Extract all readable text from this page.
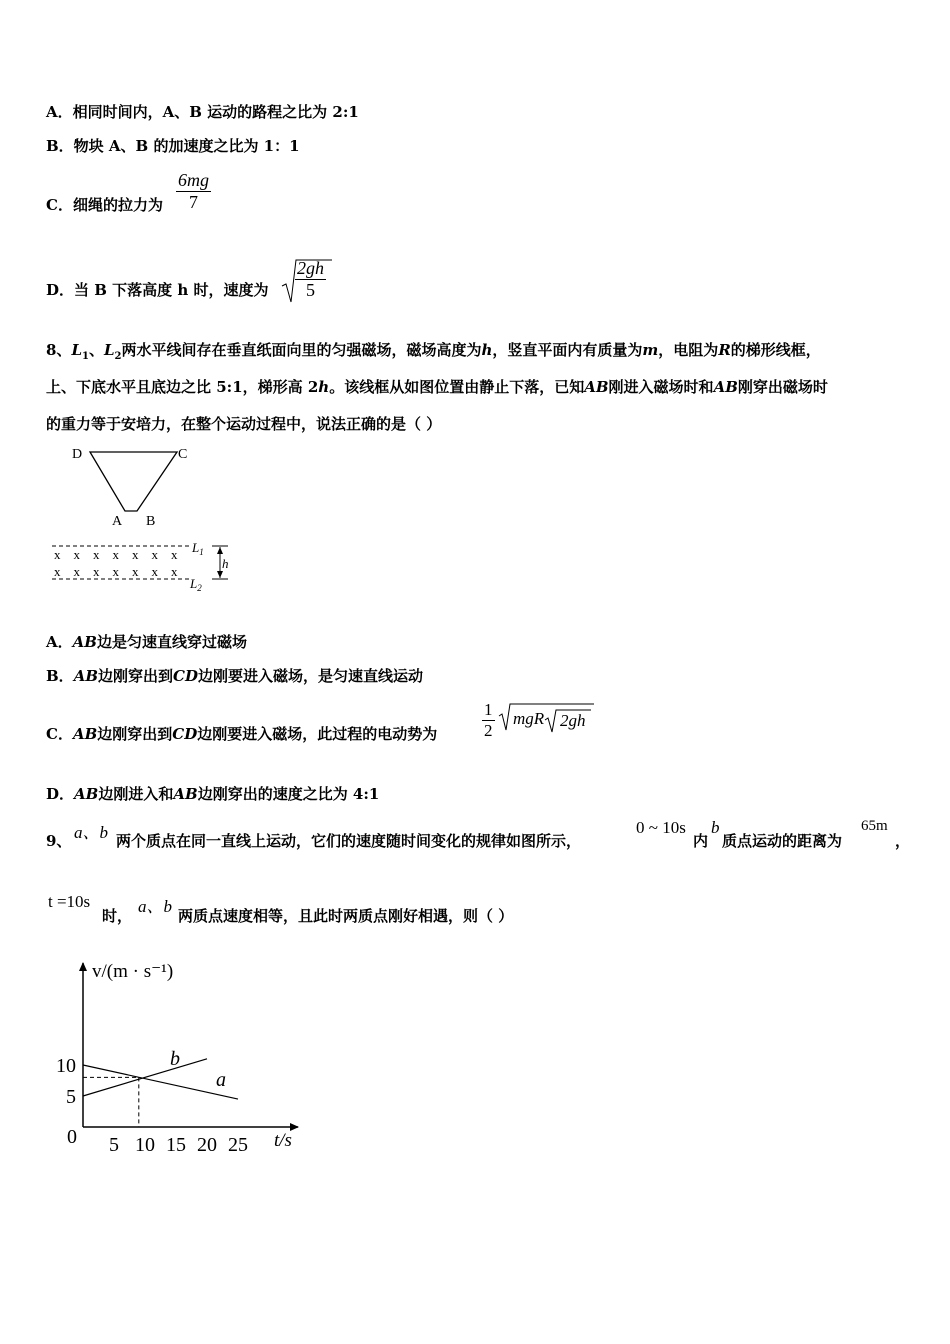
A．相同时间内，A、B 运动的路程之比为 2:1
B．物块 A、B 的加速度之比为 1：1
C．细绳的拉力为
6mg
7
D．当 B 下落高度 h 时，速度为
2gh
5
8、$L_1$、$L_2$两水平线间存在垂直纸面向里的匀强磁场，磁场高度为h，竖直平面内有质量为m，电阻为R的梯形线框，
上、下底水平且底边之比 5:1，梯形高 2h。该线框从如图位置由静止下落，已知AB刚进入磁场时和AB刚穿出磁场时
的重力等于安培力，在整个运动过程中，说法正确的是（ ）
D	C
A B
x x x x x x x
x x x x x x x
$L_1$
$L_2$
h
A．AB边是匀速直线穿过磁场
B．AB边刚穿出到CD边刚要进入磁场，是匀速直线运动
C．AB边刚穿出到CD边刚要进入磁场，此过程的电动势为
1
2
mgR 2gh
D．AB边刚进入和AB边刚穿出的速度之比为 4:1
9、 a、b 两个质点在同一直线上运动，它们的速度随时间变化的规律如图所示，
0 ~ 10s
内
b
质点运动的距离为
65m
，
t =10s
时， a、b 两质点速度相等，且此时两质点刚好相遇，则（ ）
v/(m · s⁻¹)
t/s
0 5 10 15 20 25
5
10	b
a
